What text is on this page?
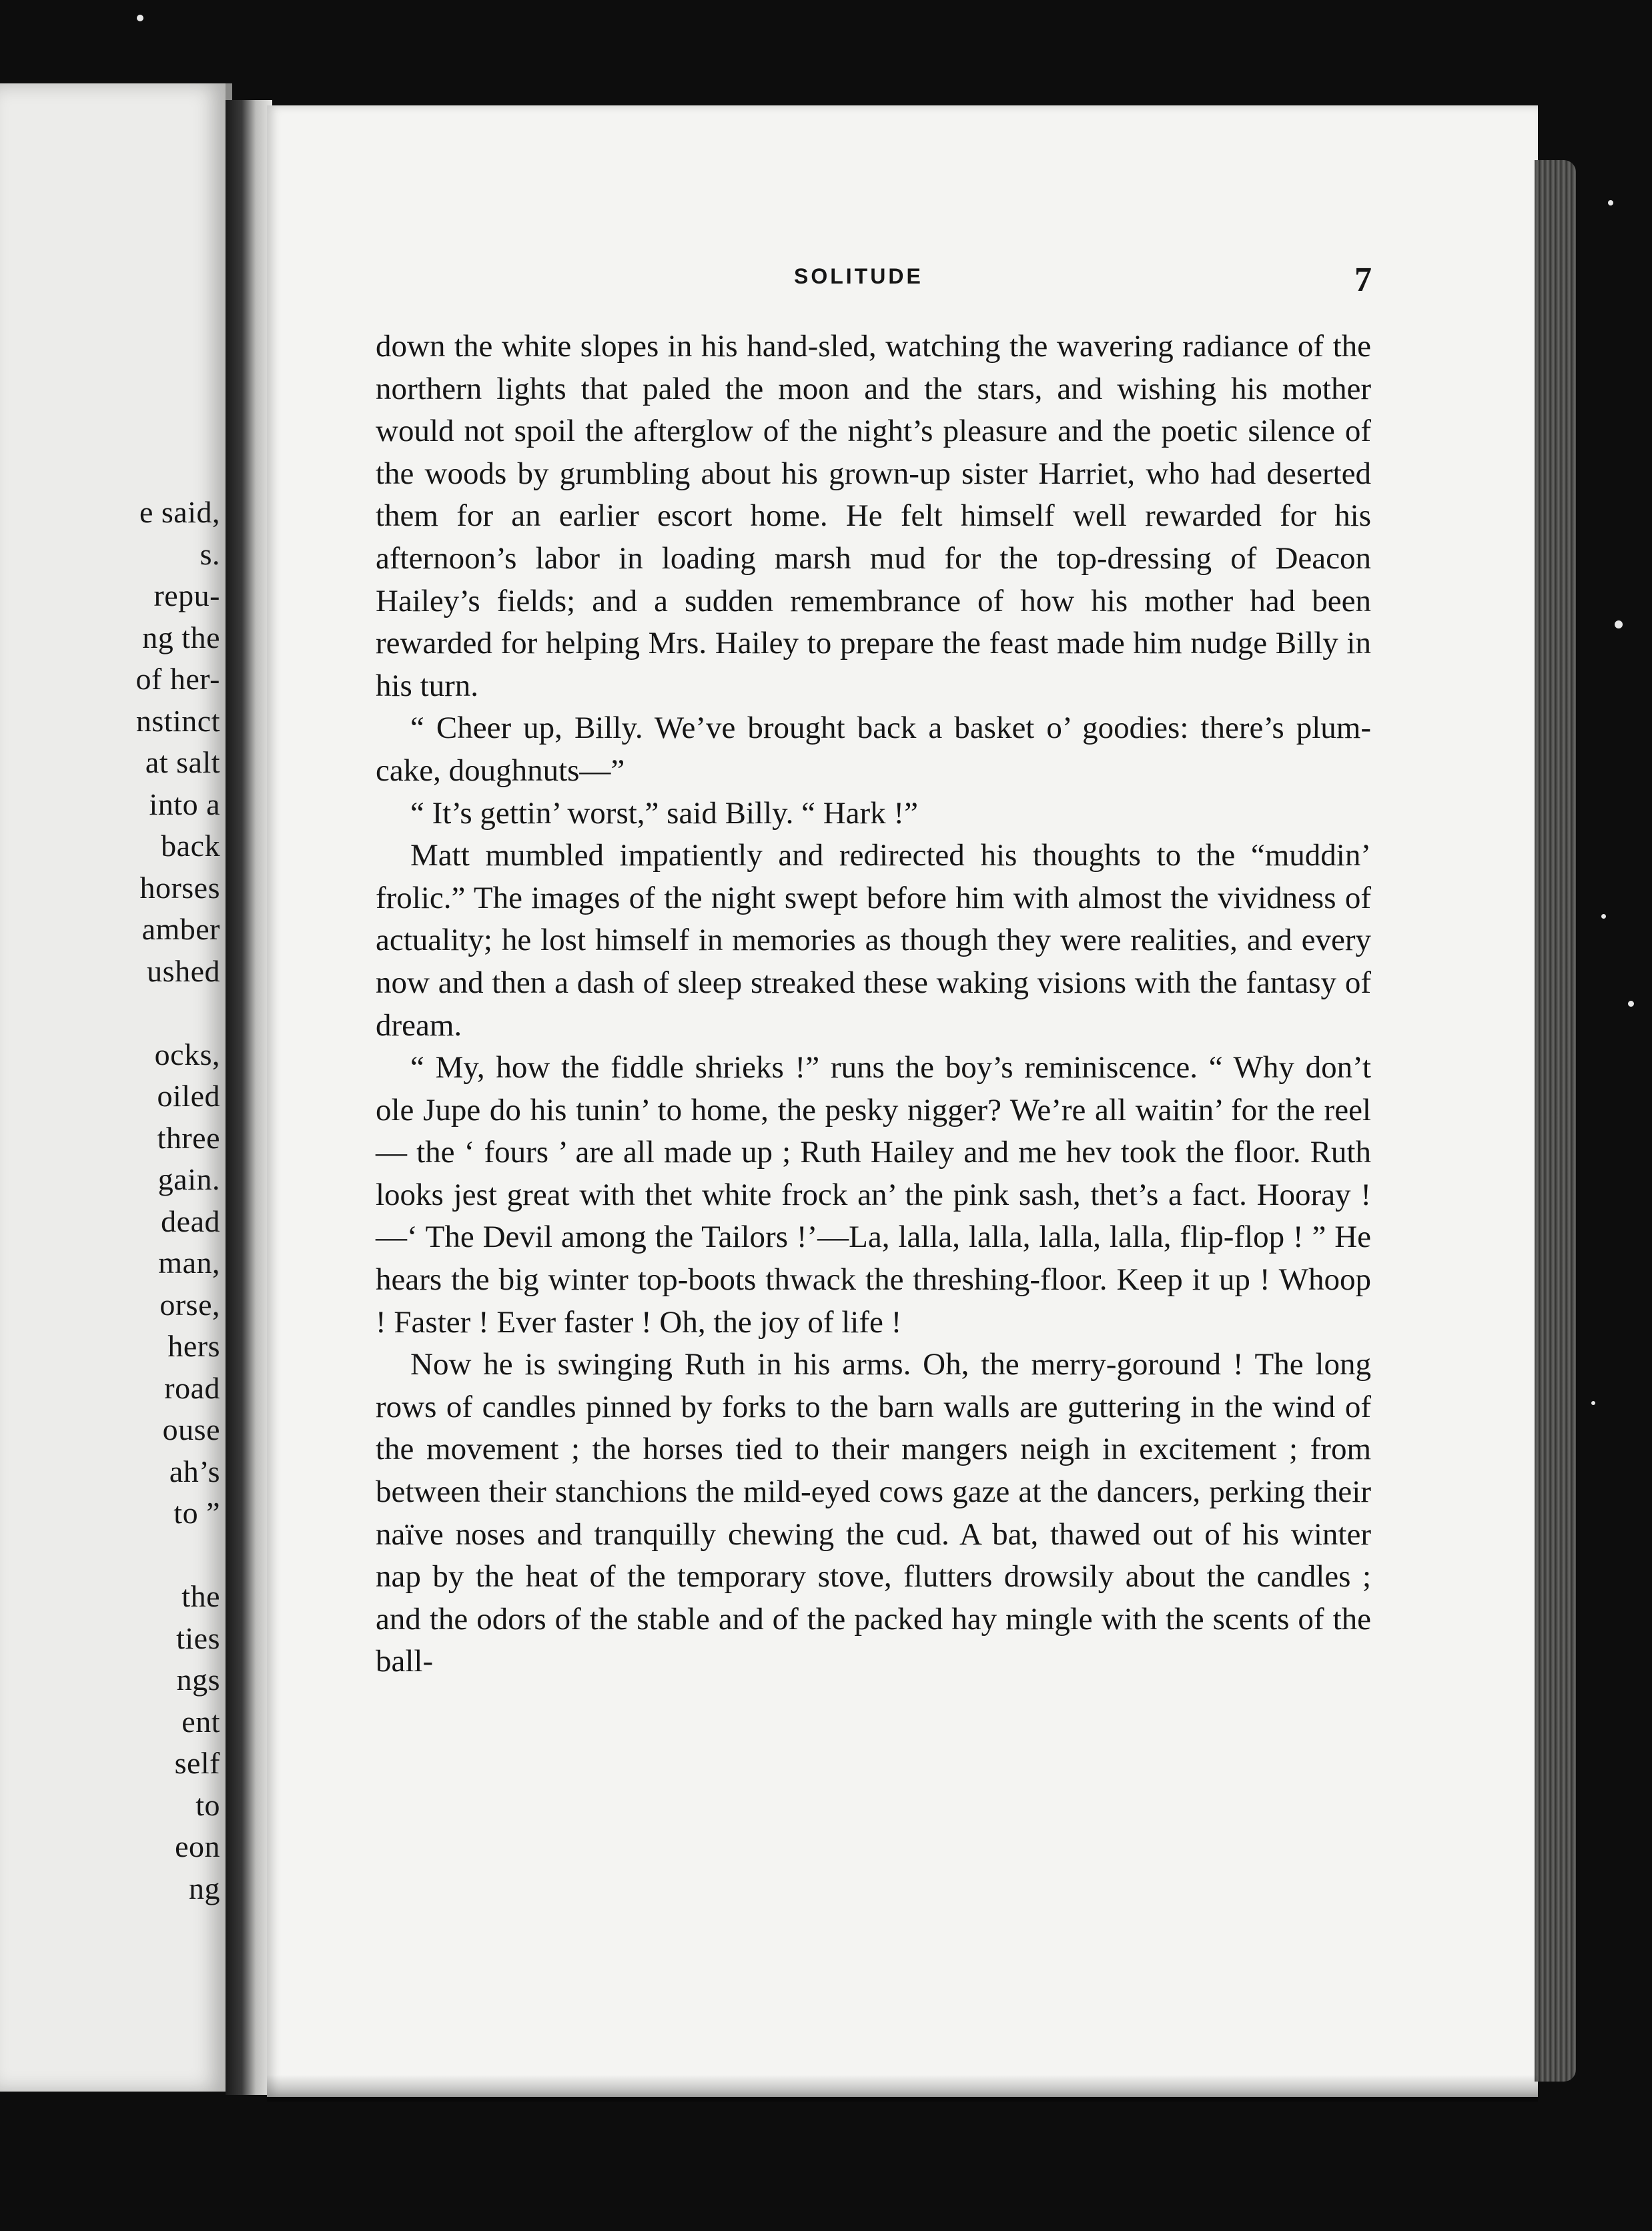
e said,
s.
repu-
ng the
of her-
nstinct
at salt
into a
back
horses
amber
ushed

ocks,
oiled
three
gain.
dead
man,
orse,
hers
road
ouse
ah’s
to ”

the
ties
ngs
ent
self
to
eon
ng
SOLITUDE	7

down the white slopes in his hand-sled, watching the wavering radiance of the northern lights that paled the moon and the stars, and wishing his mother would not spoil the afterglow of the night’s pleasure and the poetic silence of the woods by grumbling about his grown-up sister Harriet, who had deserted them for an earlier escort home. He felt himself well rewarded for his afternoon’s labor in loading marsh mud for the top-dressing of Deacon Hailey’s fields; and a sudden remembrance of how his mother had been rewarded for helping Mrs. Hailey to prepare the feast made him nudge Billy in his turn.

“ Cheer up, Billy. We’ve brought back a basket o’ goodies: there’s plum-cake, doughnuts—”

“ It’s gettin’ worst,” said Billy. “ Hark !”

Matt mumbled impatiently and redirected his thoughts to the “muddin’ frolic.” The images of the night swept before him with almost the vividness of actuality; he lost himself in memories as though they were realities, and every now and then a dash of sleep streaked these waking visions with the fantasy of dream.

“ My, how the fiddle shrieks !” runs the boy’s reminiscence. “ Why don’t ole Jupe do his tunin’ to home, the pesky nigger? We’re all waitin’ for the reel — the ‘ fours ’ are all made up ; Ruth Hailey and me hev took the floor. Ruth looks jest great with thet white frock an’ the pink sash, thet’s a fact. Hooray !—‘ The Devil among the Tailors !’—La, lalla, lalla, lalla, lalla, flip-flop ! ” He hears the big winter top-boots thwack the threshing-floor. Keep it up ! Whoop ! Faster ! Ever faster ! Oh, the joy of life !

Now he is swinging Ruth in his arms. Oh, the merry-goround ! The long rows of candles pinned by forks to the barn walls are guttering in the wind of the movement ; the horses tied to their mangers neigh in excitement ; from between their stanchions the mild-eyed cows gaze at the dancers, perking their naïve noses and tranquilly chewing the cud. A bat, thawed out of his winter nap by the heat of the temporary stove, flutters drowsily about the candles ; and the odors of the stable and of the packed hay mingle with the scents of the ball-
